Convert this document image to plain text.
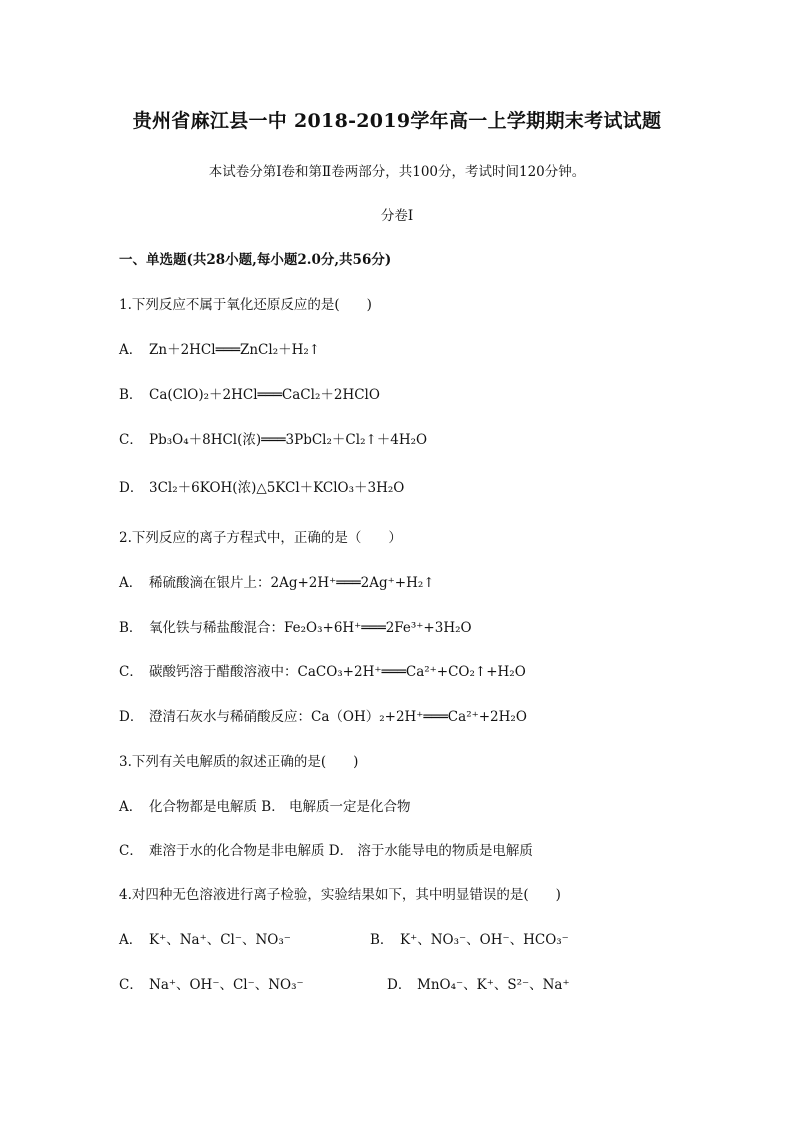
贵州省麻江县一中 2018-2019学年高一上学期期末考试试题
本试卷分第Ⅰ卷和第Ⅱ卷两部分，共100分，考试时间120分钟。
分卷I
一、单选题(共28小题,每小题2.0分,共56分)
1.下列反应不属于氧化还原反应的是(　　)
A． Zn＋2HCl═══ZnCl₂＋H₂↑
B． Ca(ClO)₂＋2HCl═══CaCl₂＋2HClO
C． Pb₃O₄＋8HCl(浓)═══3PbCl₂＋Cl₂↑＋4H₂O
D． 3Cl₂＋6KOH(浓)△5KCl＋KClO₃＋3H₂O
2.下列反应的离子方程式中，正确的是（　　）
A． 稀硫酸滴在银片上：2Ag+2H⁺═══2Ag⁺+H₂↑
B． 氧化铁与稀盐酸混合：Fe₂O₃+6H⁺═══2Fe³⁺+3H₂O
C． 碳酸钙溶于醋酸溶液中：CaCO₃+2H⁺═══Ca²⁺+CO₂↑+H₂O
D． 澄清石灰水与稀硝酸反应：Ca（OH）₂+2H⁺═══Ca²⁺+2H₂O
3.下列有关电解质的叙述正确的是(　　)
A． 化合物都是电解质 B． 电解质一定是化合物
C． 难溶于水的化合物是非电解质 D． 溶于水能导电的物质是电解质
4.对四种无色溶液进行离子检验，实验结果如下，其中明显错误的是(　　)
A． K⁺、Na⁺、Cl⁻、NO₃⁻	B． K⁺、NO₃⁻、OH⁻、HCO₃⁻
C． Na⁺、OH⁻、Cl⁻、NO₃⁻	D． MnO₄⁻、K⁺、S²⁻、Na⁺
